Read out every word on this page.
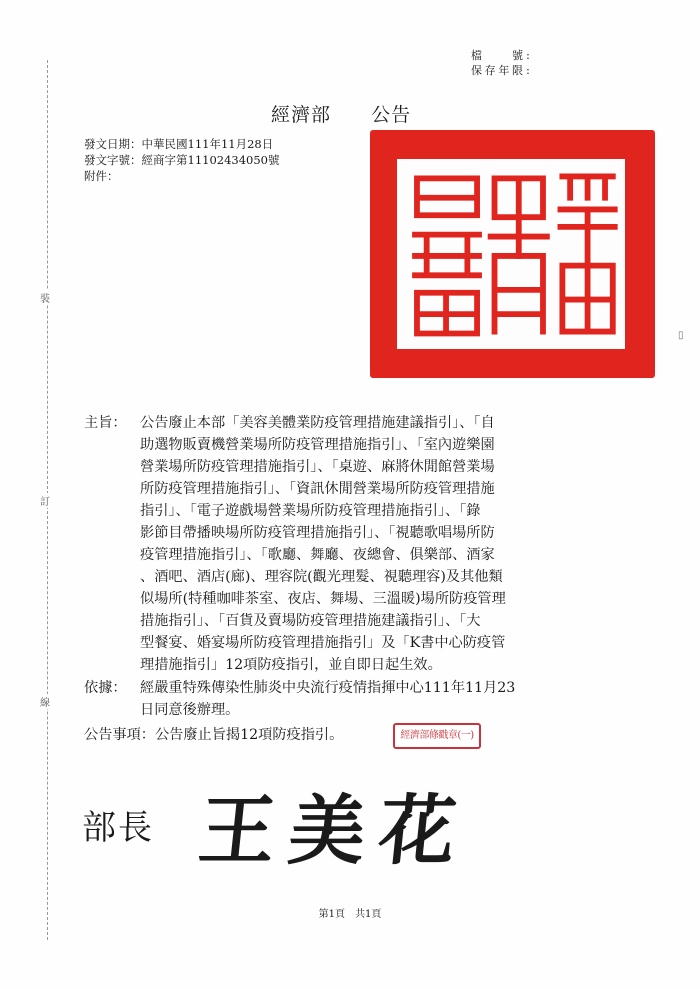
檔　號 :
保存年限 :
經濟部 公告
發文日期：中華民國111年11月28日
發文字號：經商字第11102434050號
附件：
▯
裝
訂
線
主旨： 公告廢止本部「美容美體業防疫管理措施建議指引」、「自
助選物販賣機營業場所防疫管理措施指引」、「室內遊樂園
營業場所防疫管理措施指引」、「桌遊、麻將休閒館營業場
所防疫管理措施指引」、「資訊休閒營業場所防疫管理措施
指引」、「電子遊戲場營業場所防疫管理措施指引」、「錄
影節目帶播映場所防疫管理措施指引」、「視聽歌唱場所防
疫管理措施指引」、「歌廳、舞廳、夜總會、俱樂部、酒家
、酒吧、酒店(廊)、理容院(觀光理髮、視聽理容)及其他類
似場所(特種咖啡茶室、夜店、舞場、三溫暖)場所防疫管理
措施指引」、「百貨及賣場防疫管理措施建議指引」、「大
型餐宴、婚宴場所防疫管理措施指引」及「K書中心防疫管
理措施指引」12項防疫指引，並自即日起生效。
依據： 經嚴重特殊傳染性肺炎中央流行疫情指揮中心111年11月23
日同意後辦理。
公告事項：公告廢止旨揭12項防疫指引。	經濟部條戳章(一)
部長 王美花
第1頁　共1頁
